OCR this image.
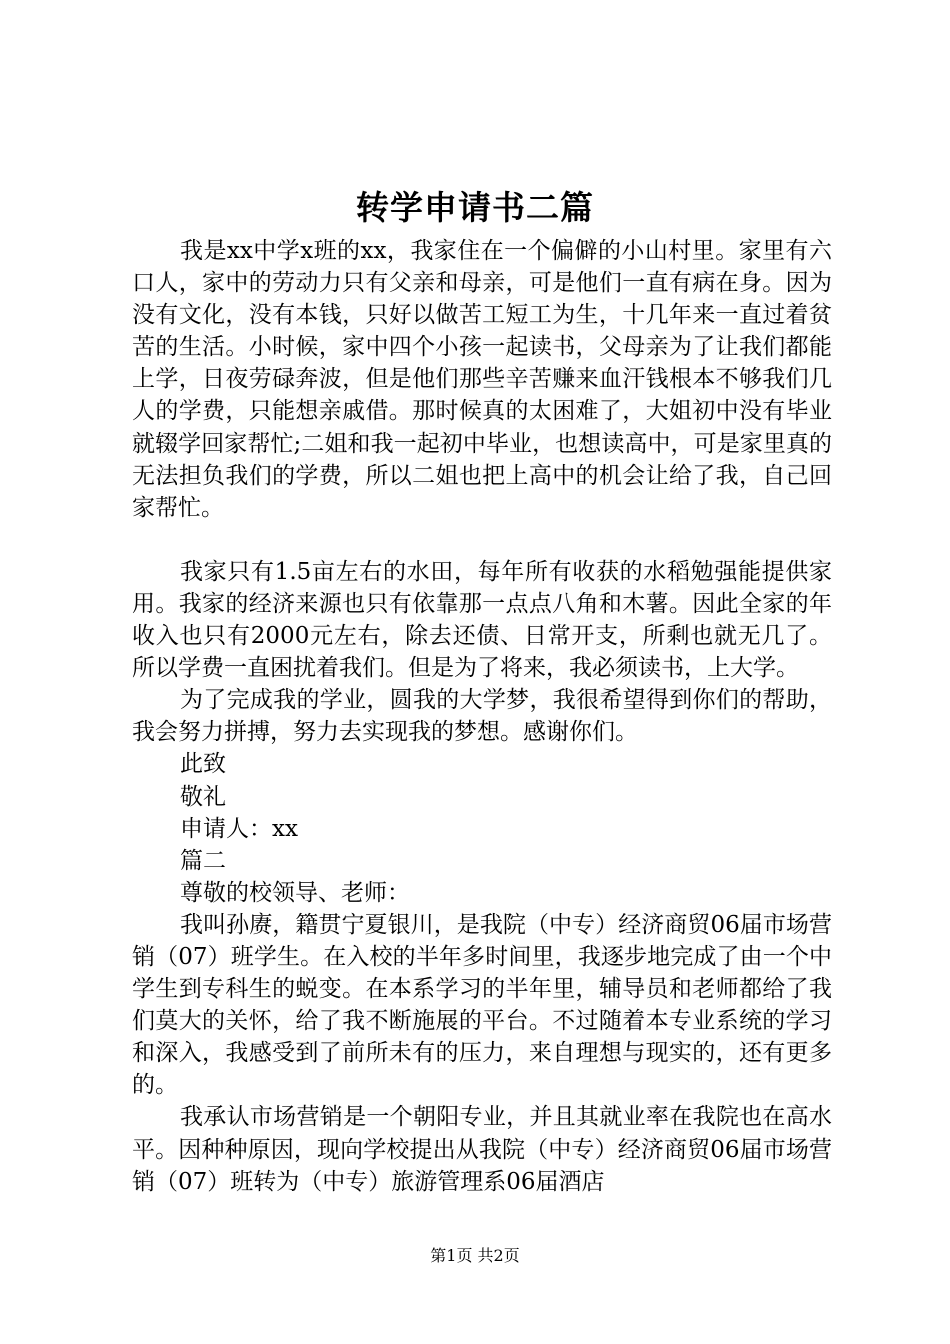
转学申请书二篇

我是xx中学x班的xx，我家住在一个偏僻的小山村里。家里有六口人，家中的劳动力只有父亲和母亲，可是他们一直有病在身。因为没有文化，没有本钱，只好以做苦工短工为生，十几年来一直过着贫苦的生活。小时候，家中四个小孩一起读书，父母亲为了让我们都能上学，日夜劳碌奔波，但是他们那些辛苦赚来血汗钱根本不够我们几人的学费，只能想亲戚借。那时候真的太困难了，大姐初中没有毕业就辍学回家帮忙;二姐和我一起初中毕业，也想读高中，可是家里真的无法担负我们的学费，所以二姐也把上高中的机会让给了我，自己回家帮忙。

我家只有1.5亩左右的水田，每年所有收获的水稻勉强能提供家用。我家的经济来源也只有依靠那一点点八角和木薯。因此全家的年收入也只有2000元左右，除去还债、日常开支，所剩也就无几了。所以学费一直困扰着我们。但是为了将来，我必须读书，上大学。

为了完成我的学业，圆我的大学梦，我很希望得到你们的帮助，我会努力拼搏，努力去实现我的梦想。感谢你们。

此致

敬礼

申请人：xx

篇二

尊敬的校领导、老师：

我叫孙赓，籍贯宁夏银川，是我院（中专）经济商贸06届市场营销（07）班学生。在入校的半年多时间里，我逐步地完成了由一个中学生到专科生的蜕变。在本系学习的半年里，辅导员和老师都给了我们莫大的关怀，给了我不断施展的平台。不过随着本专业系统的学习和深入，我感受到了前所未有的压力，来自理想与现实的，还有更多的。

我承认市场营销是一个朝阳专业，并且其就业率在我院也在高水平。因种种原因，现向学校提出从我院（中专）经济商贸06届市场营销（07）班转为（中专）旅游管理系06届酒店

第1页 共2页
